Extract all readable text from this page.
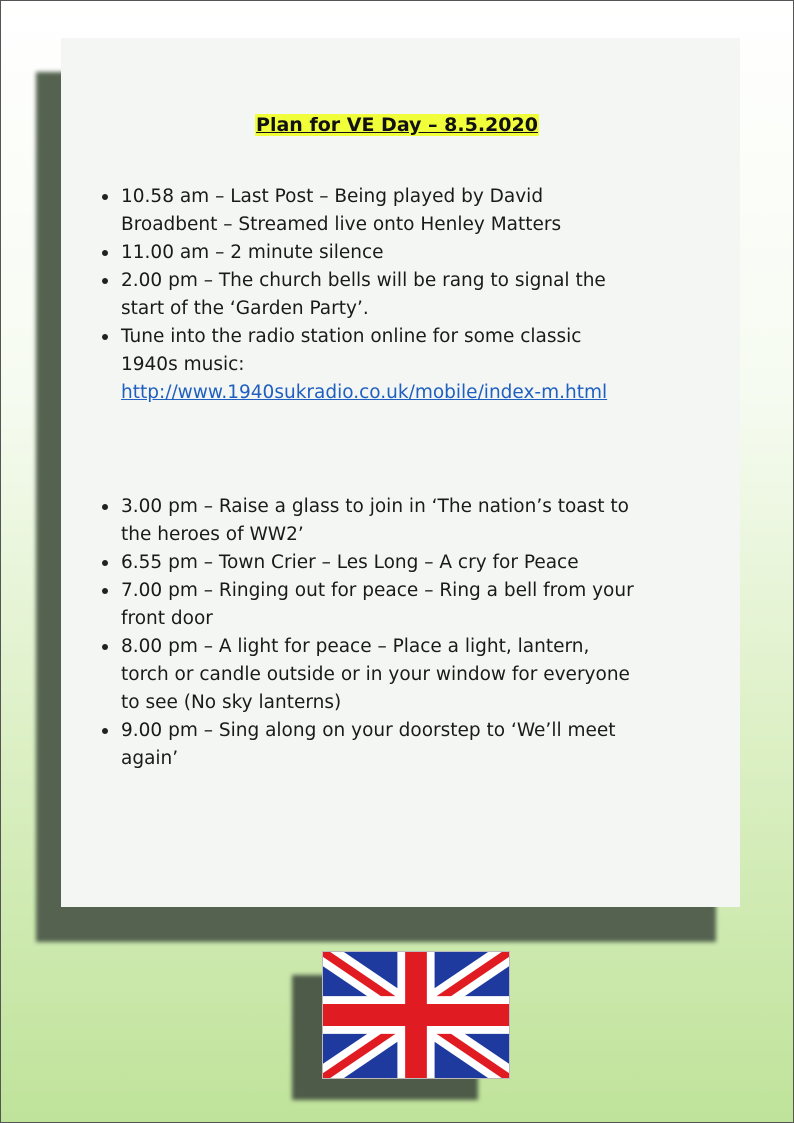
Plan for VE Day – 8.5.2020
10.58 am – Last Post – Being played by David Broadbent – Streamed live onto Henley Matters
11.00 am – 2 minute silence
2.00 pm – The church bells will be rang to signal the start of the ‘Garden Party’.
Tune into the radio station online for some classic 1940s music:
http://www.1940sukradio.co.uk/mobile/index-m.html
3.00 pm – Raise a glass to join in ‘The nation’s toast to the heroes of WW2’
6.55 pm – Town Crier – Les Long – A cry for Peace
7.00 pm – Ringing out for peace – Ring a bell from your front door
8.00 pm – A light for peace – Place a light, lantern, torch or candle outside or in your window for everyone to see (No sky lanterns)
9.00 pm – Sing along on your doorstep to ‘We’ll meet again’
